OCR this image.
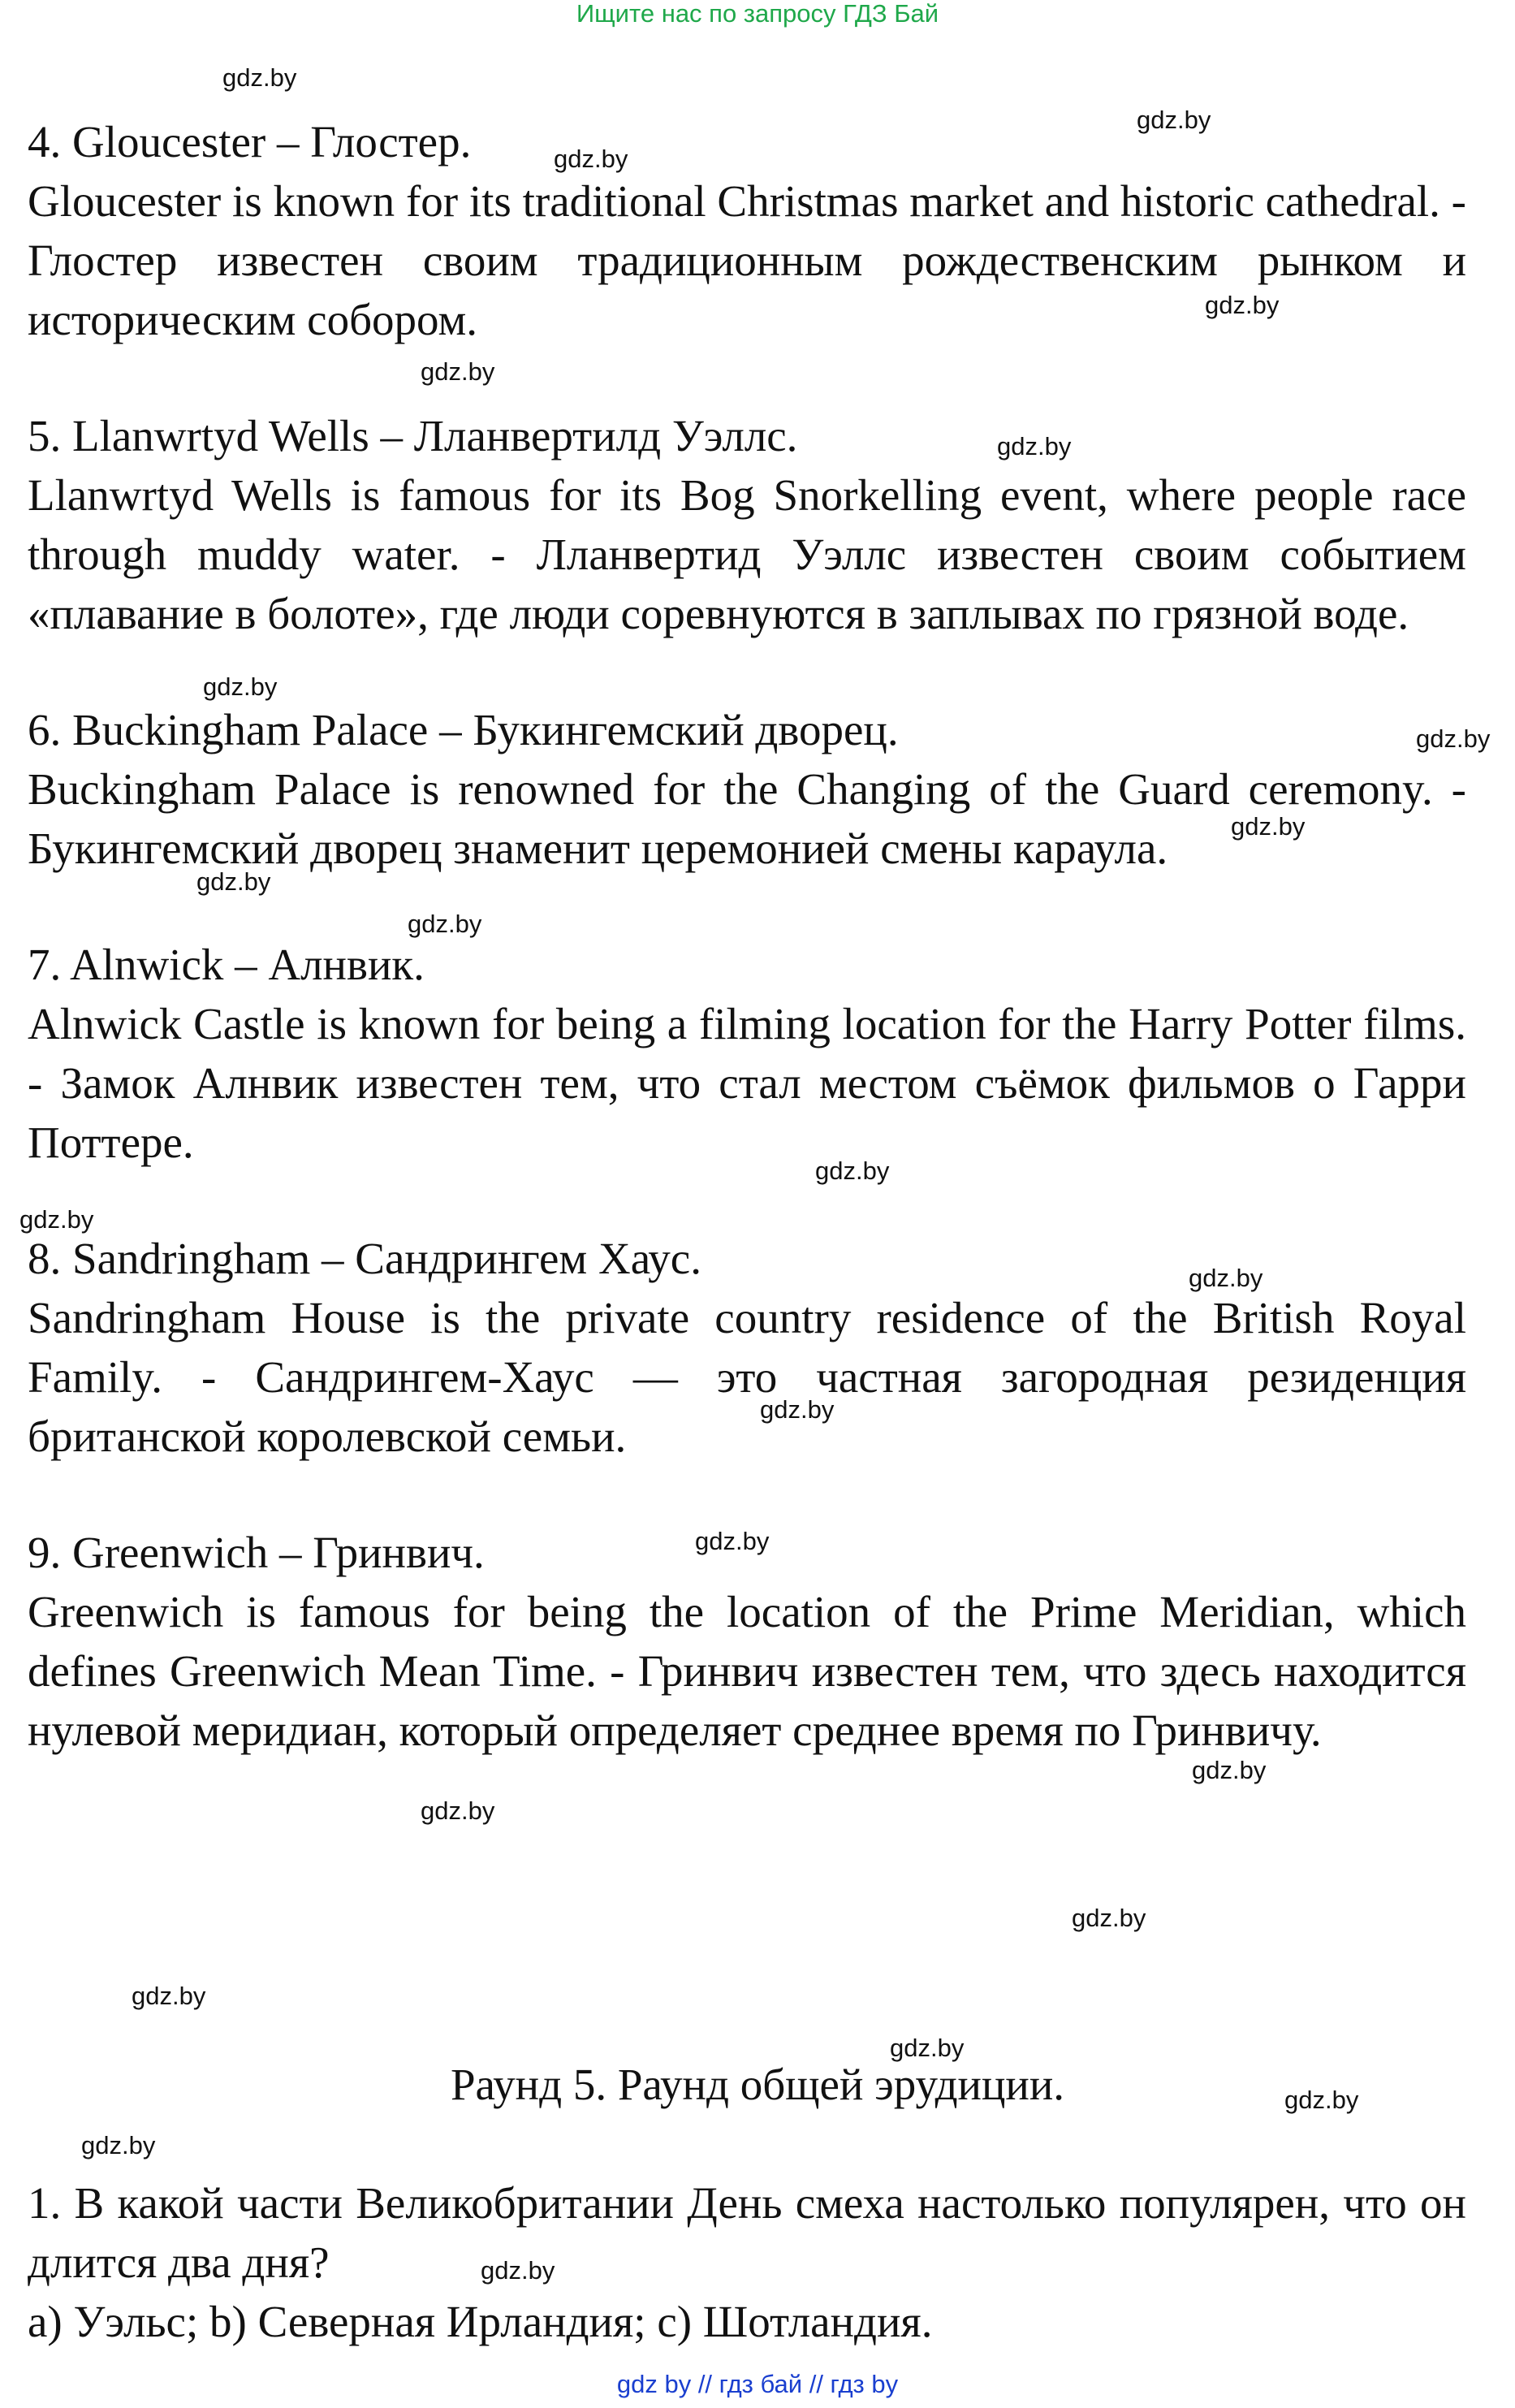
Ищите нас по запросу ГДЗ Бай

4. Gloucester – Глостер.

Gloucester is known for its traditional Christmas market and historic cathedral. - Глостер известен своим традиционным рождественским рынком и историческим собором.

5. Llanwrtyd Wells – Лланвертилд Уэллс.

Llanwrtyd Wells is famous for its Bog Snorkelling event, where people race through muddy water. - Лланвертид Уэллс известен своим событием «плавание в болоте», где люди соревнуются в заплывах по грязной воде.

6. Buckingham Palace – Букингемский дворец.

Buckingham Palace is renowned for the Changing of the Guard ceremony. - Букингемский дворец знаменит церемонией смены караула.

7. Alnwick – Алнвик.

Alnwick Castle is known for being a filming location for the Harry Potter films. - Замок Алнвик известен тем, что стал местом съёмок фильмов о Гарри Поттере.

8. Sandringham – Сандрингем Хаус.

Sandringham House is the private country residence of the British Royal Family. - Сандрингем-Хаус — это частная загородная резиденция британской королевской семьи.

9. Greenwich – Гринвич.

Greenwich is famous for being the location of the Prime Meridian, which defines Greenwich Mean Time. - Гринвич известен тем, что здесь находится нулевой меридиан, который определяет среднее время по Гринвичу.

Раунд 5. Раунд общей эрудиции.

1. В какой части Великобритании День смеха настолько популярен, что он длится два дня?

a) Уэльс; b) Северная Ирландия; c) Шотландия.

gdz.by
gdz.by
gdz.by
gdz.by
gdz.by
gdz.by
gdz.by
gdz.by
gdz.by
gdz.by
gdz.by
gdz.by
gdz.by
gdz.by
gdz.by
gdz.by
gdz.by
gdz.by
gdz.by
gdz.by
gdz.by
gdz.by
gdz.by
gdz.by
gdz by // гдз бай // гдз by
